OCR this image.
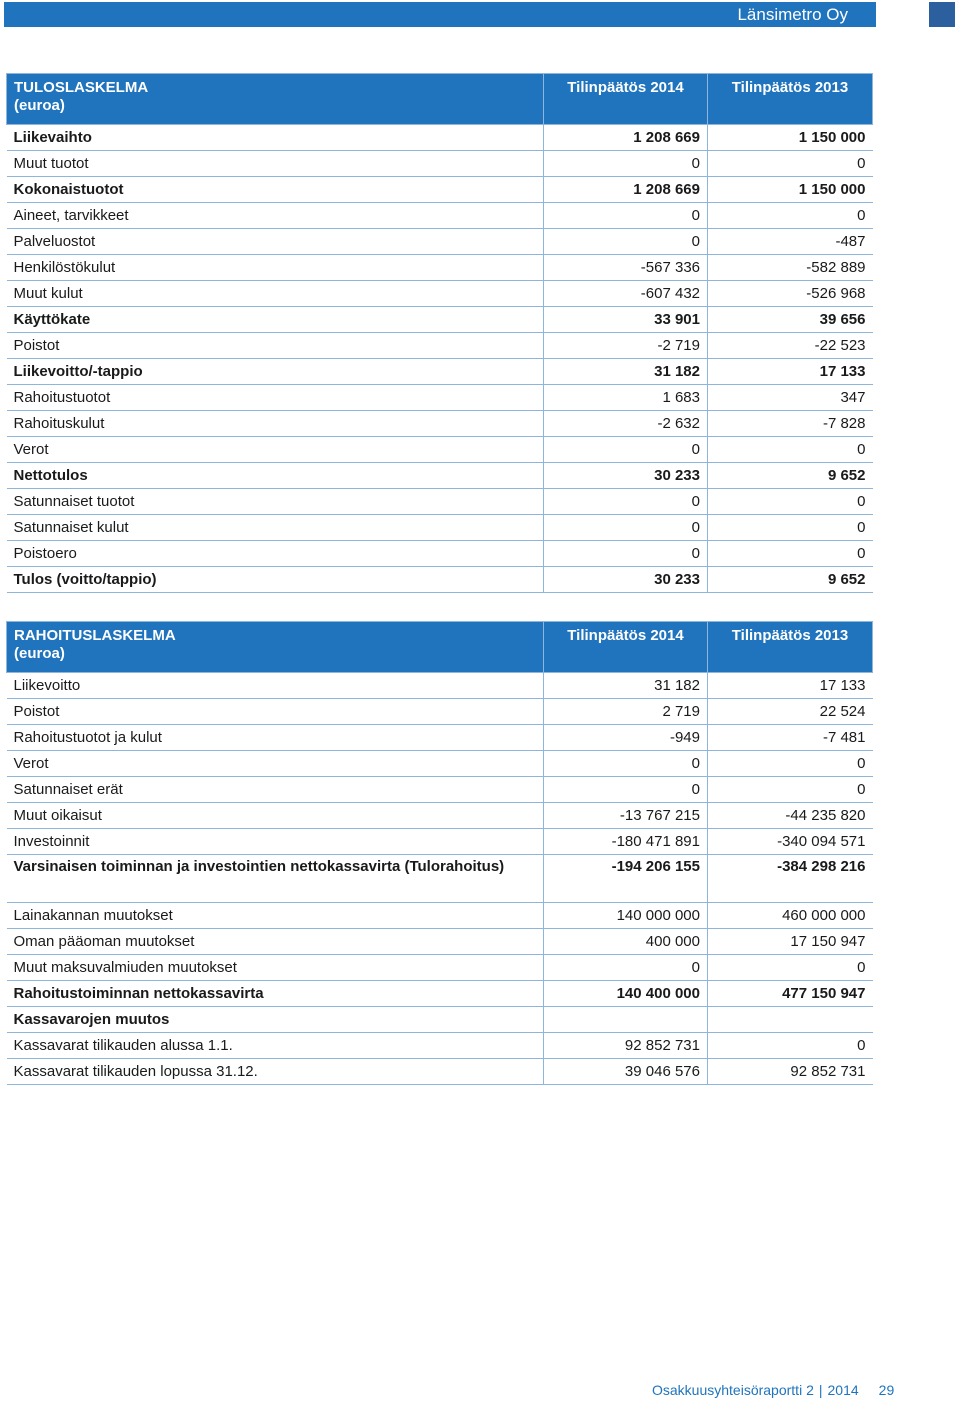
Länsimetro Oy
TULOSLASKELMA
(euroa)	Tilinpäätös 2014	Tilinpäätös 2013
Liikevaihto	1 208 669	1 150 000
Muut tuotot	0	0
Kokonaistuotot	1 208 669	1 150 000
Aineet, tarvikkeet	0	0
Palveluostot	0	-487
Henkilöstökulut	-567 336	-582 889
Muut kulut	-607 432	-526 968
Käyttökate	33 901	39 656
Poistot	-2 719	-22 523
Liikevoitto/-tappio	31 182	17 133
Rahoitustuotot	1 683	347
Rahoituskulut	-2 632	-7 828
Verot	0	0
Nettotulos	30 233	9 652
Satunnaiset tuotot	0	0
Satunnaiset kulut	0	0
Poistoero	0	0
Tulos (voitto/tappio)	30 233	9 652
RAHOITUSLASKELMA
(euroa)	Tilinpäätös 2014	Tilinpäätös 2013
Liikevoitto	31 182	17 133
Poistot	2 719	22 524
Rahoitustuotot ja kulut	-949	-7 481
Verot	0	0
Satunnaiset erät	0	0
Muut oikaisut	-13 767 215	-44 235 820
Investoinnit	-180 471 891	-340 094 571
Varsinaisen toiminnan ja investointien nettokassavirta (Tulorahoitus)	-194 206 155	-384 298 216
Lainakannan muutokset	140 000 000	460 000 000
Oman pääoman muutokset	400 000	17 150 947
Muut maksuvalmiuden muutokset	0	0
Rahoitustoiminnan nettokassavirta	140 400 000	477 150 947
Kassavarojen muutos		
Kassavarat tilikauden alussa 1.1.	92 852 731	0
Kassavarat tilikauden lopussa 31.12.	39 046 576	92 852 731
Osakkuusyhteisöraportti 2 | 2014 29
